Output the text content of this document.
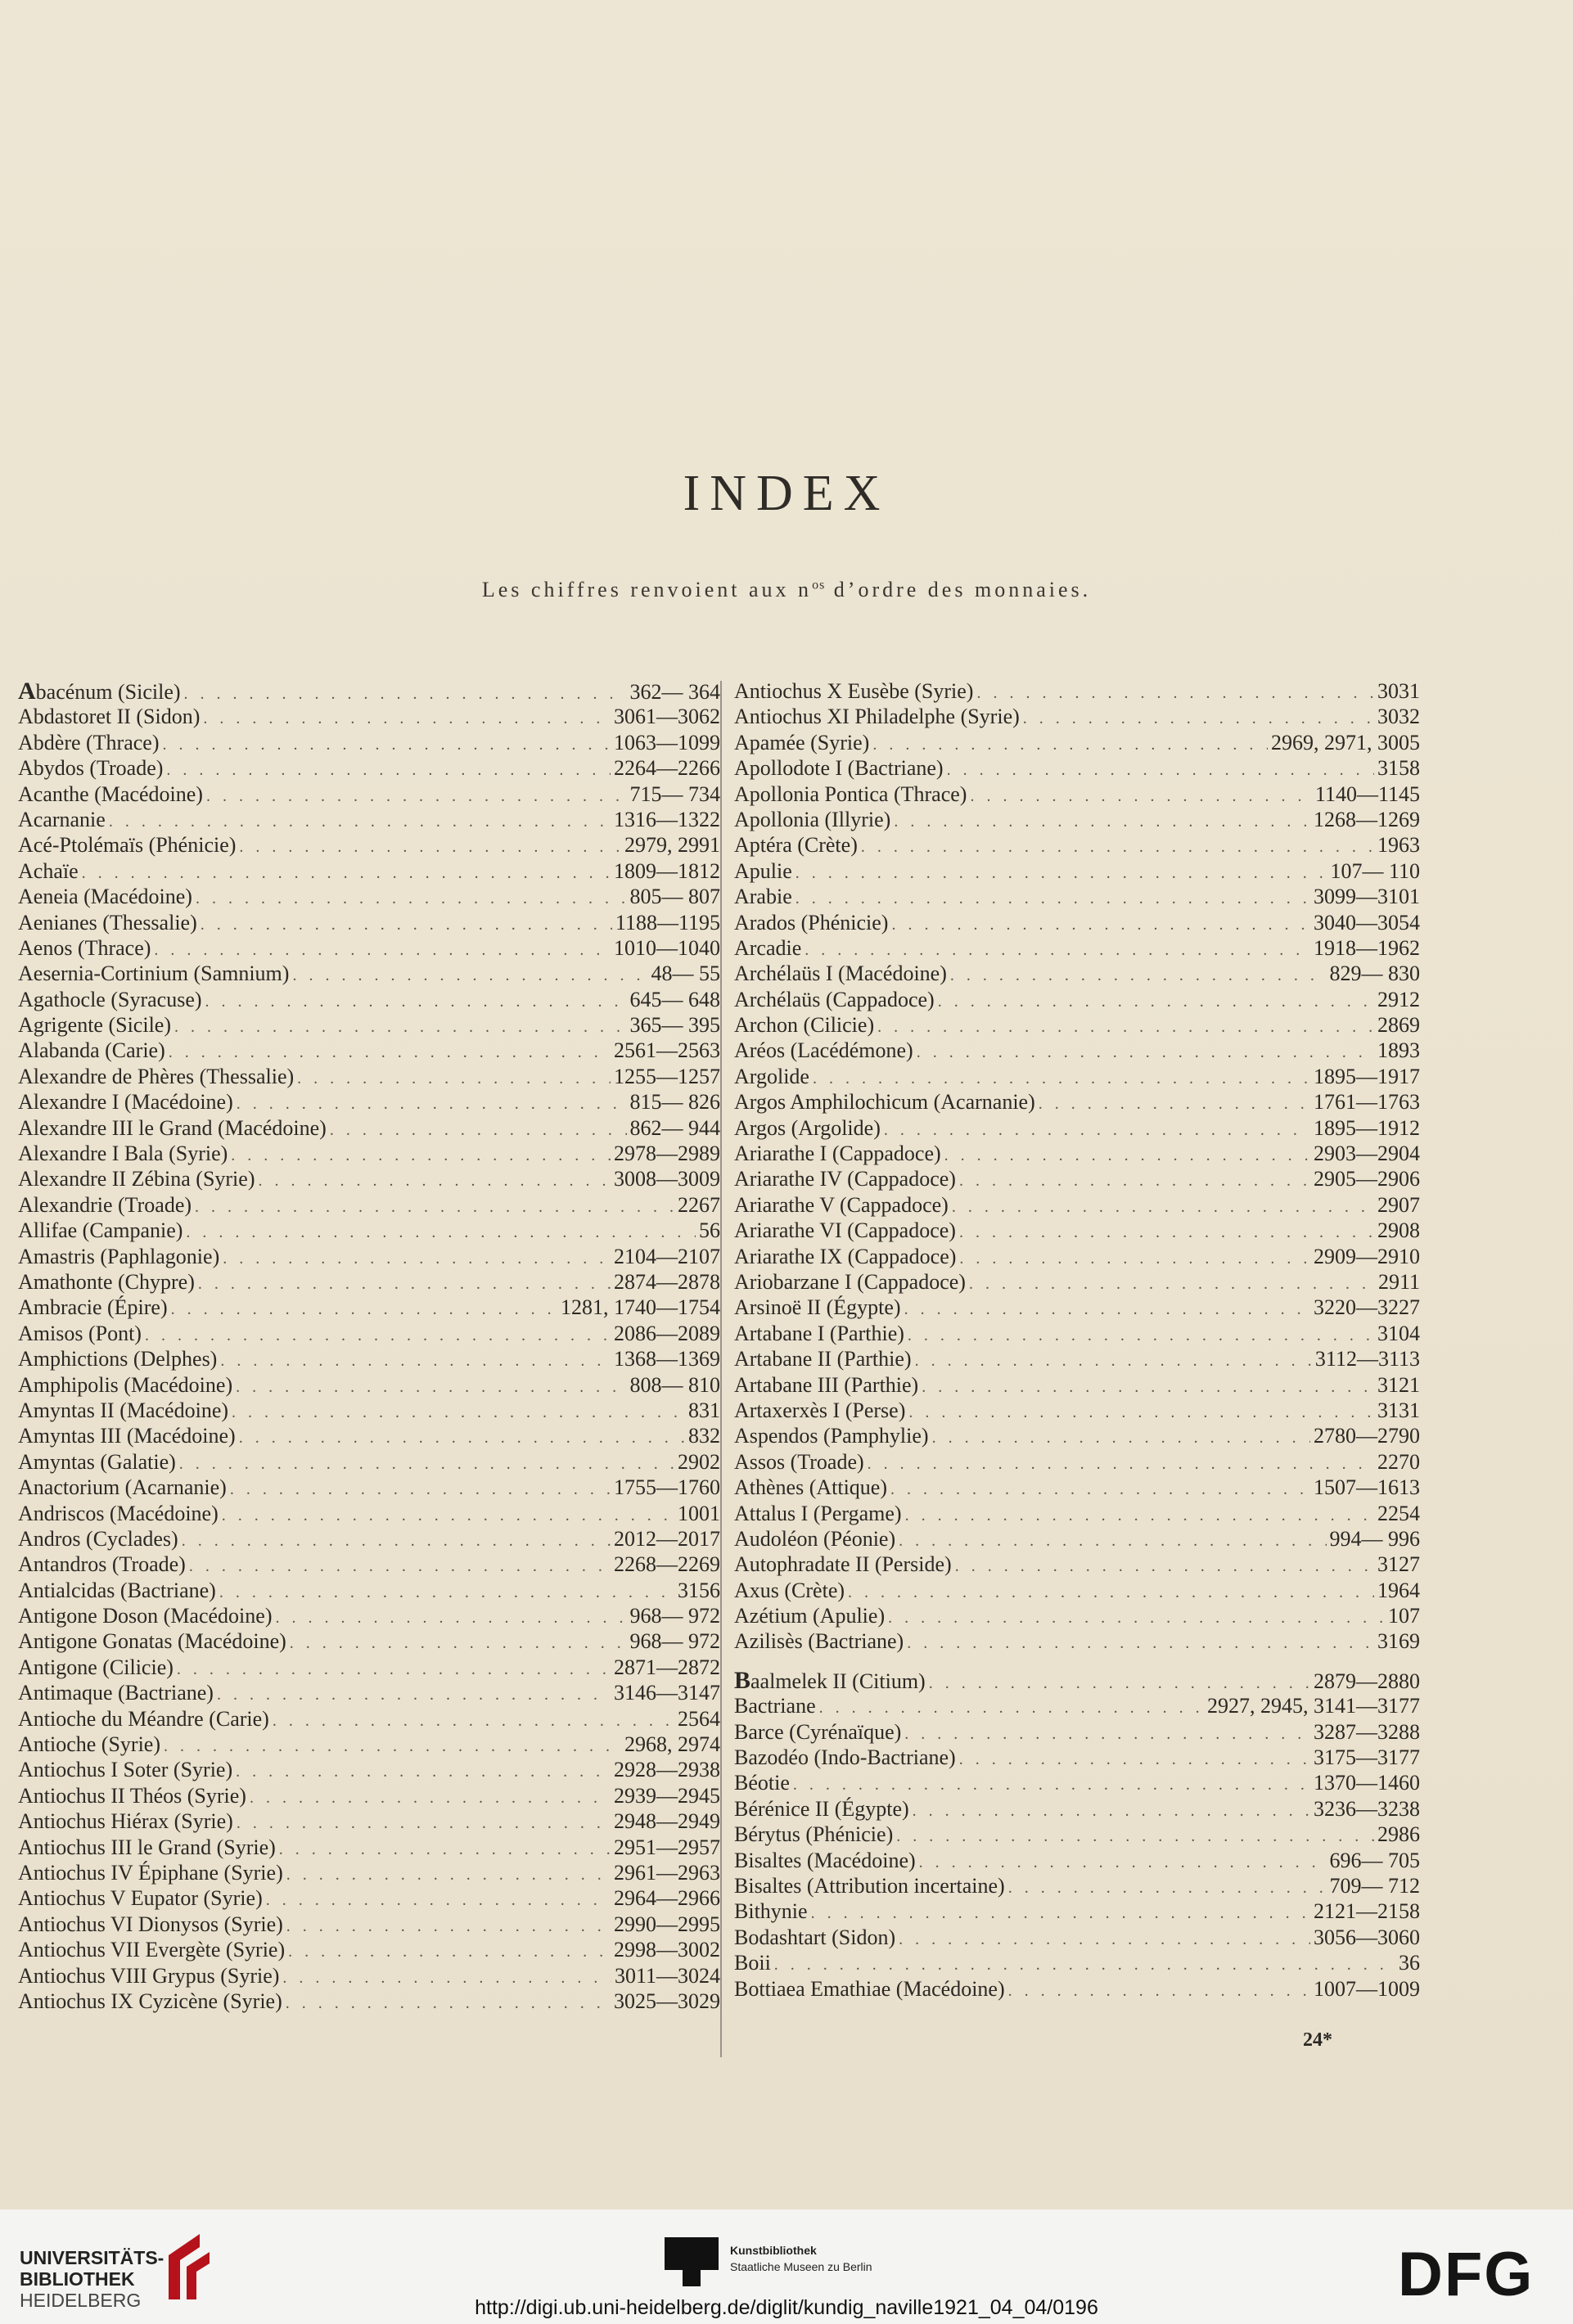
INDEX
Les chiffres renvoient aux $n^{os}$ d’ordre des monnaies.
Abacénum (Sicile) . . .	362— 364
Abdastoret II (Sidon) . . .	3061—3062
Abdère (Thrace) . . .	1063—1099
Abydos (Troade) . . .	2264—2266
Acanthe (Macédoine) . . .	715— 734
Acarnanie . . .	1316—1322
Acé-Ptolémaïs (Phénicie) . . .	2979, 2991
Achaïe . . .	1809—1812
Aeneia (Macédoine) . . .	805— 807
Aenianes (Thessalie) . . .	1188—1195
Aenos (Thrace) . . .	1010—1040
Aesernia-Cortinium (Samnium) . . .	48— 55
Agathocle (Syracuse) . . .	645— 648
Agrigente (Sicile) . . .	365— 395
Alabanda (Carie) . . .	2561—2563
Alexandre de Phères (Thessalie) . . .	1255—1257
Alexandre I (Macédoine) . . .	815— 826
Alexandre III le Grand (Macédoine) . . .	862— 944
Alexandre I Bala (Syrie) . . .	2978—2989
Alexandre II Zébina (Syrie) . . .	3008—3009
Alexandrie (Troade) . . .	2267
Allifae (Campanie) . . .	56
Amastris (Paphlagonie) . . .	2104—2107
Amathonte (Chypre) . . .	2874—2878
Ambracie (Épire) . . .	1281, 1740—1754
Amisos (Pont) . . .	2086—2089
Amphictions (Delphes) . . .	1368—1369
Amphipolis (Macédoine) . . .	808— 810
Amyntas II (Macédoine) . . .	831
Amyntas III (Macédoine) . . .	832
Amyntas (Galatie) . . .	2902
Anactorium (Acarnanie) . . .	1755—1760
Andriscos (Macédoine) . . .	1001
Andros (Cyclades) . . .	2012—2017
Antandros (Troade) . . .	2268—2269
Antialcidas (Bactriane) . . .	3156
Antigone Doson (Macédoine) . . .	968— 972
Antigone Gonatas (Macédoine) . . .	968— 972
Antigone (Cilicie) . . .	2871—2872
Antimaque (Bactriane) . . .	3146—3147
Antioche du Méandre (Carie) . . .	2564
Antioche (Syrie) . . .	2968, 2974
Antiochus I Soter (Syrie) . . .	2928—2938
Antiochus II Théos (Syrie) . . .	2939—2945
Antiochus Hiérax (Syrie) . . .	2948—2949
Antiochus III le Grand (Syrie) . . .	2951—2957
Antiochus IV Épiphane (Syrie) . . .	2961—2963
Antiochus V Eupator (Syrie) . . .	2964—2966
Antiochus VI Dionysos (Syrie) . . .	2990—2995
Antiochus VII Evergète (Syrie) . . .	2998—3002
Antiochus VIII Grypus (Syrie) . . .	3011—3024
Antiochus IX Cyzicène (Syrie) . . .	3025—3029
Antiochus X Eusèbe (Syrie) . . .	3031
Antiochus XI Philadelphe (Syrie) . . .	3032
Apamée (Syrie) . . .	2969, 2971, 3005
Apollodote I (Bactriane) . . .	3158
Apollonia Pontica (Thrace) . . .	1140—1145
Apollonia (Illyrie) . . .	1268—1269
Aptéra (Crète) . . .	1963
Apulie . . .	107— 110
Arabie . . .	3099—3101
Arados (Phénicie) . . .	3040—3054
Arcadie . . .	1918—1962
Archélaüs I (Macédoine) . . .	829— 830
Archélaüs (Cappadoce) . . .	2912
Archon (Cilicie) . . .	2869
Aréos (Lacédémone) . . .	1893
Argolide . . .	1895—1917
Argos Amphilochicum (Acarnanie) . . .	1761—1763
Argos (Argolide) . . .	1895—1912
Ariarathe I (Cappadoce) . . .	2903—2904
Ariarathe IV (Cappadoce) . . .	2905—2906
Ariarathe V (Cappadoce) . . .	2907
Ariarathe VI (Cappadoce) . . .	2908
Ariarathe IX (Cappadoce) . . .	2909—2910
Ariobarzane I (Cappadoce) . . .	2911
Arsinoë II (Égypte) . . .	3220—3227
Artabane I (Parthie) . . .	3104
Artabane II (Parthie) . . .	3112—3113
Artabane III (Parthie) . . .	3121
Artaxerxès I (Perse) . . .	3131
Aspendos (Pamphylie) . . .	2780—2790
Assos (Troade) . . .	2270
Athènes (Attique) . . .	1507—1613
Attalus I (Pergame) . . .	2254
Audoléon (Péonie) . . .	994— 996
Autophradate II (Perside) . . .	3127
Axus (Crète) . . .	1964
Azétium (Apulie) . . .	107
Azilisès (Bactriane) . . .	3169
Baalmelek II (Citium) . . .	2879—2880
Bactriane . . .	2927, 2945, 3141—3177
Barce (Cyrénaïque) . . .	3287—3288
Bazodéo (Indo-Bactriane) . . .	3175—3177
Béotie . . .	1370—1460
Bérénice II (Égypte) . . .	3236—3238
Bérytus (Phénicie) . . .	2986
Bisaltes (Macédoine) . . .	696— 705
Bisaltes (Attribution incertaine) . . .	709— 712
Bithynie . . .	2121—2158
Bodashtart (Sidon) . . .	3056—3060
Boii . . .	36
Bottiaea Emathiae (Macédoine) . . .	1007—1009
24*
UNIVERSITÄTS-
BIBLIOTHEK
HEIDELBERG
Kunstbibliothek
Staatliche Museen zu Berlin	DFG
http://digi.ub.uni-heidelberg.de/diglit/kundig_naville1921_04_04/0196
